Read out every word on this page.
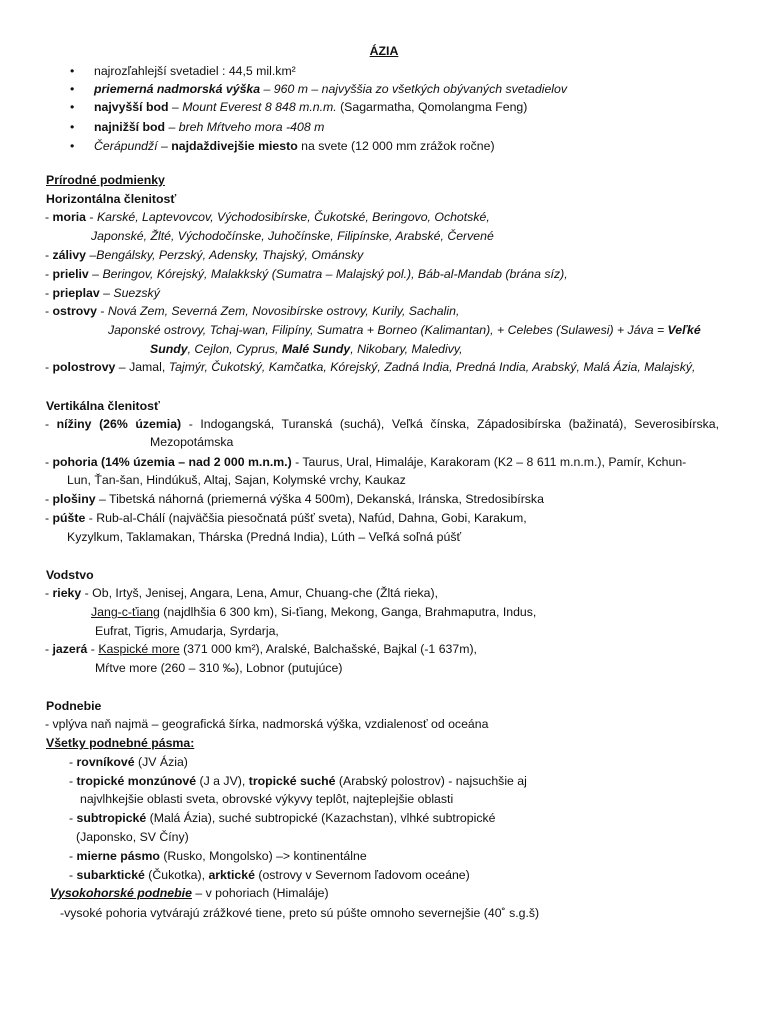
ÁZIA
• najrozľahlejší svetadiel : 44,5 mil.km²
• priemerná nadmorská výška – 960 m – najvyššia zo všetkých obývaných svetadielov
• najvyšší bod – Mount Everest 8 848 m.n.m. (Sagarmatha, Qomolangma Feng)
• najnižší bod – breh Mŕtveho mora -408 m
• Čerápundží – najdaždivejšie miesto na svete (12 000 mm zrážok ročne)
Prírodné podmienky
Horizontálna členitosť
- moria - Karské, Laptevovcov, Východosibírske, Čukotské, Beringovo, Ochotské,
Japonské, Žlté, Východočínske, Juhočínske, Filipínske, Arabské, Červené
- zálivy –Bengálsky, Perzský, Adensky, Thajský, Ománsky
- prieliv – Beringov, Kórejský, Malakkský (Sumatra – Malajský pol.), Báb-al-Mandab (brána síz),
- prieplav – Suezský
- ostrovy - Nová Zem, Severná Zem, Novosibírske ostrovy, Kurily, Sachalin,
Japonské ostrovy, Tchaj-wan, Filipíny, Sumatra + Borneo (Kalimantan), + Celebes (Sulawesi) + Jáva = Veľké
Sundy, Cejlon, Cyprus, Malé Sundy, Nikobary, Maledivy,
- polostrovy – Jamal, Tajmýr, Čukotský, Kamčatka, Kórejský, Zadná India, Predná India, Arabský, Malá Ázia, Malajský,
Vertikálna členitosť
- nížiny (26% územia) - Indogangská, Turanská (suchá), Veľká čínska, Západosibírska (bažinatá), Severosibírska,
Mezopotámska
- pohoria (14% územia – nad 2 000 m.n.m.) - Taurus, Ural, Himaláje, Karakoram (K2 – 8 611 m.n.m.), Pamír, Kchun-
Lun, Ťan-šan, Hindúkuš, Altaj, Sajan, Kolymské vrchy, Kaukaz
- plošiny – Tibetská náhorná (priemerná výška 4 500m), Dekanská, Iránska, Stredosibírska
- púšte - Rub-al-Chálí (najväčšia piesočnatá púšť sveta), Nafúd, Dahna, Gobi, Karakum,
Kyzylkum, Taklamakan, Thárska (Predná India), Lúth – Veľká soľná púšť
Vodstvo
- rieky - Ob, Irtyš, Jenisej, Angara, Lena, Amur, Chuang-che (Žltá rieka),
Jang-c-ťiang (najdlhšia 6 300 km), Si-ťiang, Mekong, Ganga, Brahmaputra, Indus,
Eufrat, Tigris, Amudarja, Syrdarja,
- jazerá - Kaspické more (371 000 km²), Aralské, Balchašské, Bajkal (-1 637m),
Mŕtve more (260 – 310 ‰), Lobnor (putujúce)
Podnebie
- vplýva naň najmä – geografická šírka, nadmorská výška, vzdialenosť od oceána
Všetky podnebné pásma:
- rovníkové (JV Ázia)
- tropické monzúnové (J a JV), tropické suché (Arabský polostrov) - najsuchšie aj
najvlhkejšie oblasti sveta, obrovské výkyvy teplôt, najteplejšie oblasti
- subtropické (Malá Ázia), suché subtropické (Kazachstan), vlhké subtropické
(Japonsko, SV Číny)
- mierne pásmo (Rusko, Mongolsko) –> kontinentálne
- subarktické (Čukotka), arktické (ostrovy v Severnom ľadovom oceáne)
Vysokohorské podnebie – v pohoriach (Himaláje)
-vysoké pohoria vytvárajú zrážkové tiene, preto sú púšte omnoho severnejšie (40˚ s.g.š)
